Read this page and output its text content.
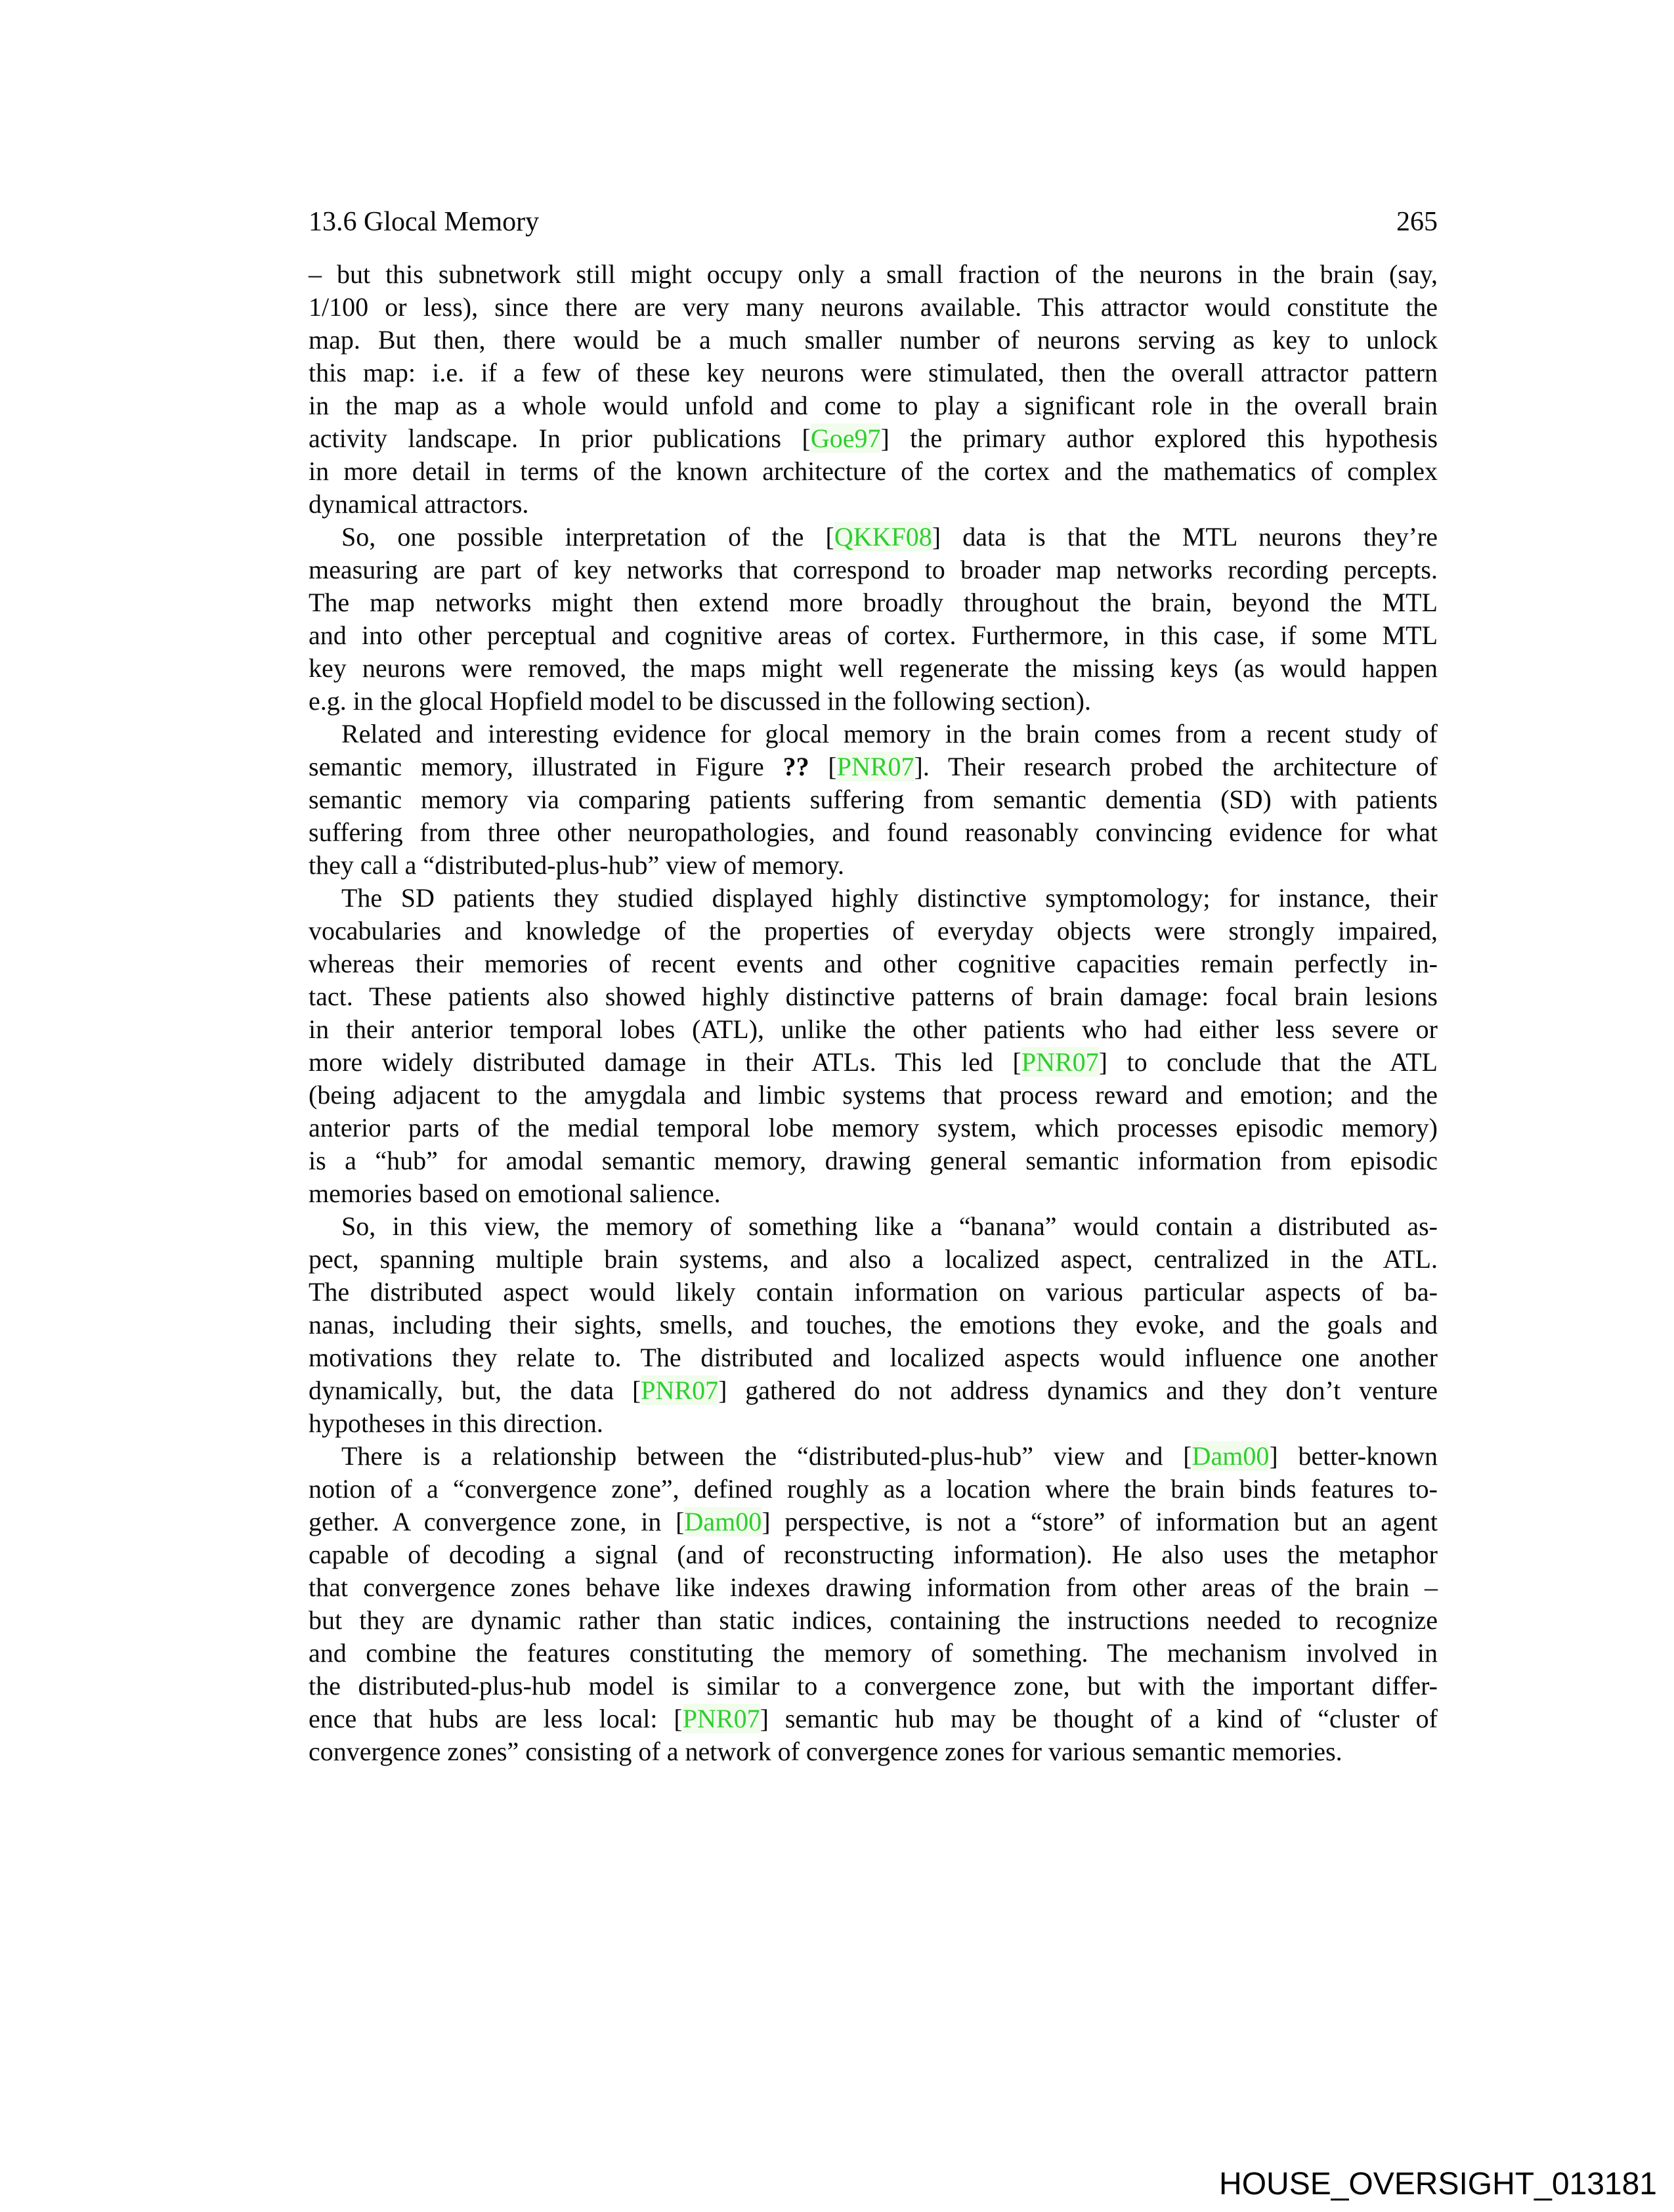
13.6 Glocal Memory	265
– but this subnetwork still might occupy only a small fraction of the neurons in the brain (say,
1/100 or less), since there are very many neurons available. This attractor would constitute the
map. But then, there would be a much smaller number of neurons serving as key to unlock
this map: i.e. if a few of these key neurons were stimulated, then the overall attractor pattern
in the map as a whole would unfold and come to play a significant role in the overall brain
activity landscape. In prior publications [Goe97] the primary author explored this hypothesis
in more detail in terms of the known architecture of the cortex and the mathematics of complex
dynamical attractors.
So, one possible interpretation of the [QKKF08] data is that the MTL neurons they’re
measuring are part of key networks that correspond to broader map networks recording percepts.
The map networks might then extend more broadly throughout the brain, beyond the MTL
and into other perceptual and cognitive areas of cortex. Furthermore, in this case, if some MTL
key neurons were removed, the maps might well regenerate the missing keys (as would happen
e.g. in the glocal Hopfield model to be discussed in the following section).
Related and interesting evidence for glocal memory in the brain comes from a recent study of
semantic memory, illustrated in Figure ?? [PNR07]. Their research probed the architecture of
semantic memory via comparing patients suffering from semantic dementia (SD) with patients
suffering from three other neuropathologies, and found reasonably convincing evidence for what
they call a “distributed-plus-hub” view of memory.
The SD patients they studied displayed highly distinctive symptomology; for instance, their
vocabularies and knowledge of the properties of everyday objects were strongly impaired,
whereas their memories of recent events and other cognitive capacities remain perfectly in-
tact. These patients also showed highly distinctive patterns of brain damage: focal brain lesions
in their anterior temporal lobes (ATL), unlike the other patients who had either less severe or
more widely distributed damage in their ATLs. This led [PNR07] to conclude that the ATL
(being adjacent to the amygdala and limbic systems that process reward and emotion; and the
anterior parts of the medial temporal lobe memory system, which processes episodic memory)
is a “hub” for amodal semantic memory, drawing general semantic information from episodic
memories based on emotional salience.
So, in this view, the memory of something like a “banana” would contain a distributed as-
pect, spanning multiple brain systems, and also a localized aspect, centralized in the ATL.
The distributed aspect would likely contain information on various particular aspects of ba-
nanas, including their sights, smells, and touches, the emotions they evoke, and the goals and
motivations they relate to. The distributed and localized aspects would influence one another
dynamically, but, the data [PNR07] gathered do not address dynamics and they don’t venture
hypotheses in this direction.
There is a relationship between the “distributed-plus-hub” view and [Dam00] better-known
notion of a “convergence zone”, defined roughly as a location where the brain binds features to-
gether. A convergence zone, in [Dam00] perspective, is not a “store” of information but an agent
capable of decoding a signal (and of reconstructing information). He also uses the metaphor
that convergence zones behave like indexes drawing information from other areas of the brain –
but they are dynamic rather than static indices, containing the instructions needed to recognize
and combine the features constituting the memory of something. The mechanism involved in
the distributed-plus-hub model is similar to a convergence zone, but with the important differ-
ence that hubs are less local: [PNR07] semantic hub may be thought of a kind of “cluster of
convergence zones” consisting of a network of convergence zones for various semantic memories.
HOUSE_OVERSIGHT_013181
